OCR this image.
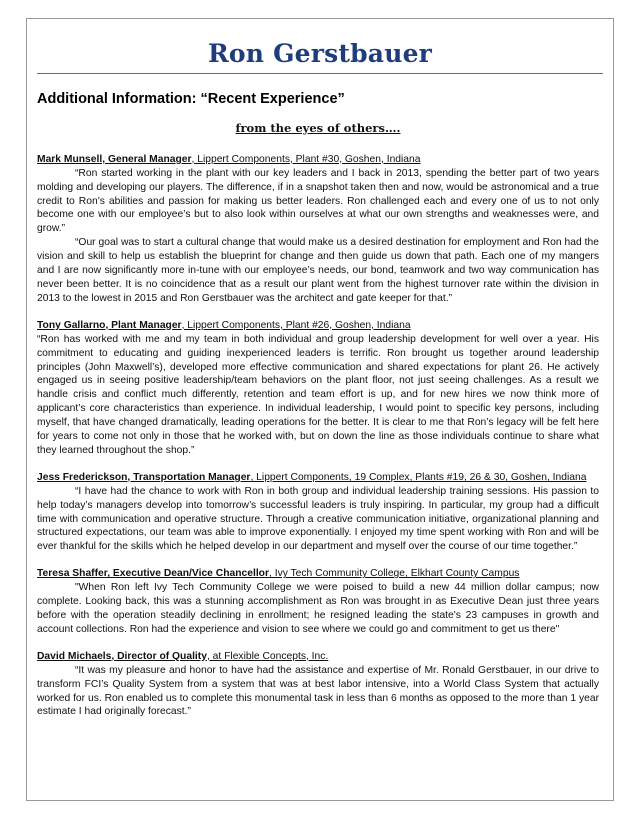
Ron Gerstbauer
Additional Information: “Recent Experience”
from the eyes of others….

Mark Munsell, General Manager, Lippert Components, Plant #30, Goshen, Indiana

“Ron started working in the plant with our key leaders and I back in 2013, spending the better part of two years molding and developing our players. The difference, if in a snapshot taken then and now, would be astronomical and a true credit to Ron’s abilities and passion for making us better leaders. Ron challenged each and every one of us to not only become one with our employee’s but to also look within ourselves at what our own strengths and weaknesses were, and grow.”

“Our goal was to start a cultural change that would make us a desired destination for employment and Ron had the vision and skill to help us establish the blueprint for change and then guide us down that path. Each one of my mangers and I are now significantly more in-tune with our employee’s needs, our bond, teamwork and two way communication has never been better. It is no coincidence that as a result our plant went from the highest turnover rate within the division in 2013 to the lowest in 2015 and Ron Gerstbauer was the architect and gate keeper for that.”

Tony Gallarno, Plant Manager, Lippert Components, Plant #26, Goshen, Indiana

“Ron has worked with me and my team in both individual and group leadership development for well over a year. His commitment to educating and guiding inexperienced leaders is terrific. Ron brought us together around leadership principles (John Maxwell’s), developed more effective communication and shared expectations for plant 26. He actively engaged us in seeing positive leadership/team behaviors on the plant floor, not just seeing challenges. As a result we handle crisis and conflict much differently, retention and team effort is up, and for new hires we now think more of applicant’s core characteristics than experience. In individual leadership, I would point to specific key persons, including myself, that have changed dramatically, leading operations for the better. It is clear to me that Ron’s legacy will be felt here for years to come not only in those that he worked with, but on down the line as those individuals continue to share what they learned throughout the shop.”

Jess Frederickson, Transportation Manager, Lippert Components, 19 Complex, Plants #19, 26 & 30, Goshen, Indiana

“I have had the chance to work with Ron in both group and individual leadership training sessions. His passion to help today’s managers develop into tomorrow’s successful leaders is truly inspiring. In particular, my group had a difficult time with communication and operative structure. Through a creative communication initiative, organizational planning and structured expectations, our team was able to improve exponentially. I enjoyed my time spent working with Ron and will be ever thankful for the skills which he helped develop in our department and myself over the course of our time together.”

Teresa Shaffer, Executive Dean/Vice Chancellor, Ivy Tech Community College, Elkhart County Campus

"When Ron left Ivy Tech Community College we were poised to build a new 44 million dollar campus; now complete. Looking back, this was a stunning accomplishment as Ron was brought in as Executive Dean just three years before with the operation steadily declining in enrollment; he resigned leading the state's 23 campuses in growth and account collections. Ron had the experience and vision to see where we could go and commitment to get us there"

David Michaels, Director of Quality, at Flexible Concepts, Inc.

“It was my pleasure and honor to have had the assistance and expertise of Mr. Ronald Gerstbauer, in our drive to transform FCI’s Quality System from a system that was at best labor intensive, into a World Class System that actually worked for us. Ron enabled us to complete this monumental task in less than 6 months as opposed to the more than 1 year estimate I had originally forecast.”
